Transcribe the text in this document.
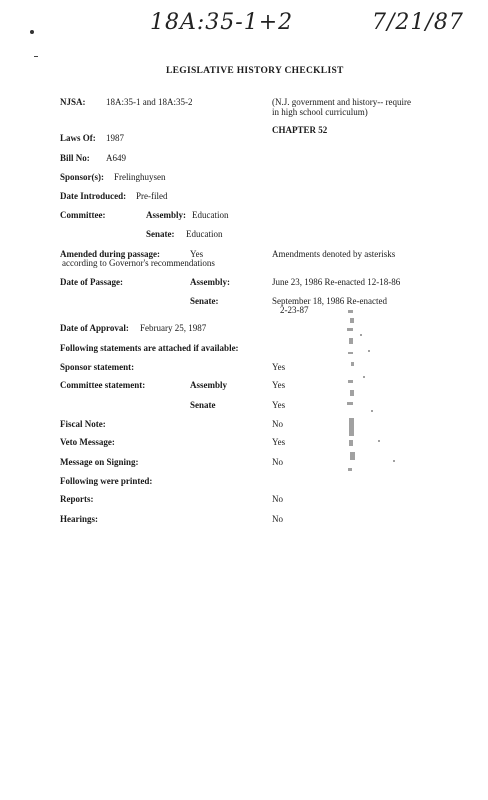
18A:35-1+2	7/21/87
LEGISLATIVE HISTORY CHECKLIST
NJSA: 18A:35-1 and 18A:35-2	(N.J. government and history-- require
in high school curriculum)
CHAPTER 52
Laws Of: 1987
Bill No: A649
Sponsor(s): Frelinghuysen
Date Introduced: Pre-filed
Committee:	Assembly: Education
Senate: Education
Amended during passage:	Yes	Amendments denoted by asterisks
according to Governor's recommendations
Date of Passage:	Assembly:	June 23, 1986 Re-enacted 12-18-86
Senate:	September 18, 1986 Re-enacted
2-23-87
Date of Approval: February 25, 1987
Following statements are attached if available:
Sponsor statement:	Yes
Committee statement:	Assembly	Yes
Senate	Yes
Fiscal Note:	No
Veto Message:	Yes
Message on Signing:	No
Following were printed:
Reports:	No
Hearings:	No
